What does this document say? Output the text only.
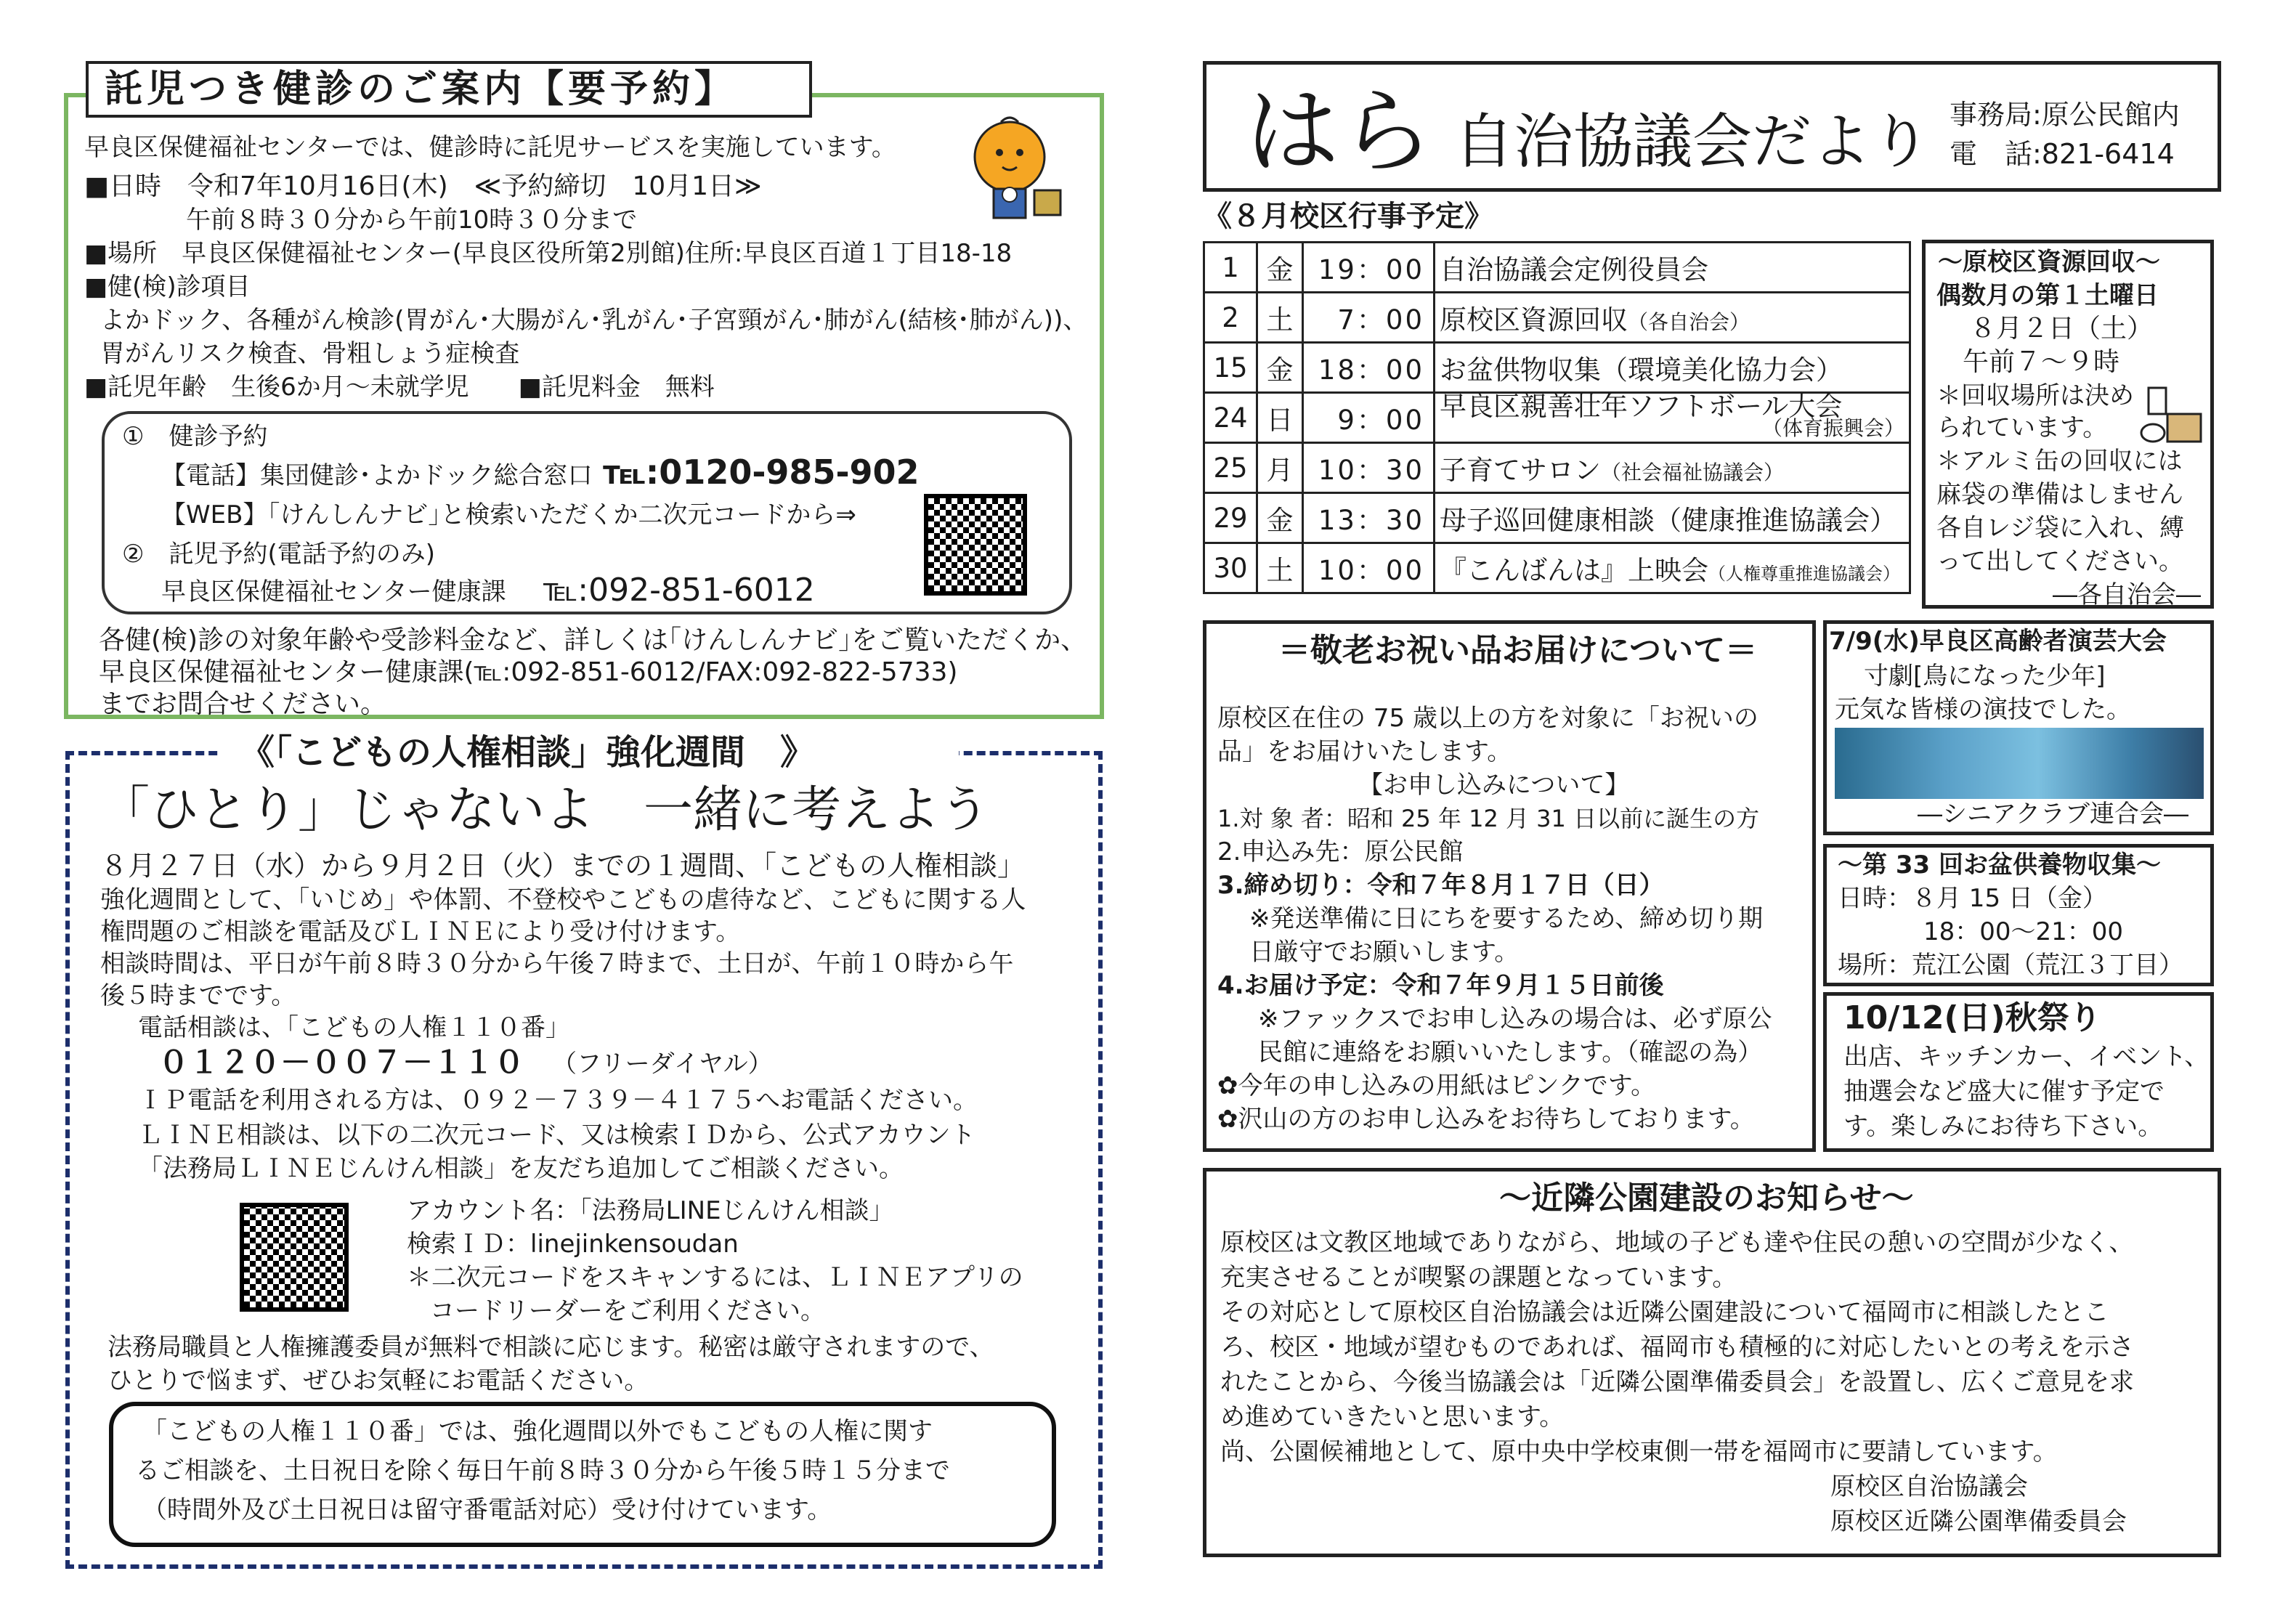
託児つき健診のご案内【要予約】
早良区保健福祉センターでは、健診時に託児サービスを実施しています。
■日時　令和7年10月16日(木)　≪予約締切　10月1日≫
午前８時３０分から午前10時３０分まで
■場所　早良区保健福祉センター(早良区役所第2別館)住所:早良区百道１丁目18-18
■健(検)診項目
よかドック、各種がん検診(胃がん･大腸がん･乳がん･子宮頸がん･肺がん(結核･肺がん))、
胃がんリスク検査、骨粗しょう症検査
■託児年齢　生後6か月～未就学児　　■託児料金　無料
①　健診予約
【電話】集団健診･よかドック総合窓口 ℡:0120-985-902
【WEB】｢けんしんナビ｣と検索いただくか二次元コードから⇒
②　託児予約(電話予約のみ)
早良区保健福祉センター健康課 ℡:092-851-6012
各健(検)診の対象年齢や受診料金など、詳しくは｢けんしんナビ｣をご覧いただくか、
早良区保健福祉センター健康課(℡:092-851-6012/FAX:092-822-5733)
までお問合せください。
《「こどもの人権相談」強化週間　》
「ひとり」じゃないよ　一緒に考えよう
８月２７日（水）から９月２日（火）までの１週間、「こどもの人権相談」
強化週間として、「いじめ」や体罰、不登校やこどもの虐待など、こどもに関する人
権問題のご相談を電話及びＬＩＮＥにより受け付けます。
相談時間は、平日が午前８時３０分から午後７時まで、土日が、午前１０時から午
後５時までです。
電話相談は、「こどもの人権１１０番」
０１２０－００７－１１０ （フリーダイヤル）
ＩＰ電話を利用される方は、０９２－７３９－４１７５へお電話ください。
ＬＩＮＥ相談は、以下の二次元コード、又は検索ＩＤから、公式アカウント
「法務局ＬＩＮＥじんけん相談」を友だち追加してご相談ください。
アカウント名：「法務局LINEじんけん相談」
検索ＩＤ：linejinkensoudan
＊二次元コードをスキャンするには、ＬＩＮＥアプリの
コードリーダーをご利用ください。
法務局職員と人権擁護委員が無料で相談に応じます。秘密は厳守されますので、
ひとりで悩まず、ぜひお気軽にお電話ください。
「こどもの人権１１０番」では、強化週間以外でもこどもの人権に関す
るご相談を、土日祝日を除く毎日午前８時３０分から午後５時１５分まで
（時間外及び土日祝日は留守番電話対応）受け付けています。
はら 自治協議会だより 事務局:原公民館内
電　話:821-6414
《８月校区行事予定》
1	金	19：00	自治協議会定例役員会
2	土	7：00	原校区資源回収（各自治会）
15	金	18：00	お盆供物収集（環境美化協力会）
24	日	9：00	早良区親善壮年ソフトボール大会
（体育振興会）

25	月	10：30	子育てサロン（社会福祉協議会）
29	金	13：30	母子巡回健康相談（健康推進協議会）
30	土	10：00	『こんばんは』上映会（人権尊重推進協議会）
～原校区資源回収～
偶数月の第１土曜日
８月２日（土）
午前７～９時
＊回収場所は決め
られています。
＊アルミ缶の回収には
麻袋の準備はしません
各自レジ袋に入れ、縛
って出してください。
―各自治会―
＝敬老お祝い品お届けについて＝
原校区在住の 75 歳以上の方を対象に「お祝いの
品」をお届けいたします。
【お申し込みについて】
1.対 象 者：昭和 25 年 12 月 31 日以前に誕生の方
2.申込み先：原公民館
3.締め切り：令和７年８月１７日（日）
※発送準備に日にちを要するため、締め切り期
日厳守でお願いします。
4.お届け予定：令和７年９月１５日前後
※ファックスでお申し込みの場合は、必ず原公
民館に連絡をお願いいたします。（確認の為）
✿今年の申し込みの用紙はピンクです。
✿沢山の方のお申し込みをお待ちしております。
7/9(水)早良区高齢者演芸大会
寸劇[鳥になった少年]
元気な皆様の演技でした。
―シニアクラブ連合会―
～第 33 回お盆供養物収集～
日時：８月 15 日（金）
18：00～21：00
場所：荒江公園（荒江３丁目）
10/12(日)秋祭り
出店、キッチンカー、イベント、
抽選会など盛大に催す予定で
す。楽しみにお待ち下さい。
～近隣公園建設のお知らせ～
原校区は文教区地域でありながら、地域の子ども達や住民の憩いの空間が少なく、
充実させることが喫緊の課題となっています。
その対応として原校区自治協議会は近隣公園建設について福岡市に相談したとこ
ろ、校区・地域が望むものであれば、福岡市も積極的に対応したいとの考えを示さ
れたことから、今後当協議会は「近隣公園準備委員会」を設置し、広くご意見を求
め進めていきたいと思います。
尚、公園候補地として、原中央中学校東側一帯を福岡市に要請しています。
原校区自治協議会
原校区近隣公園準備委員会
